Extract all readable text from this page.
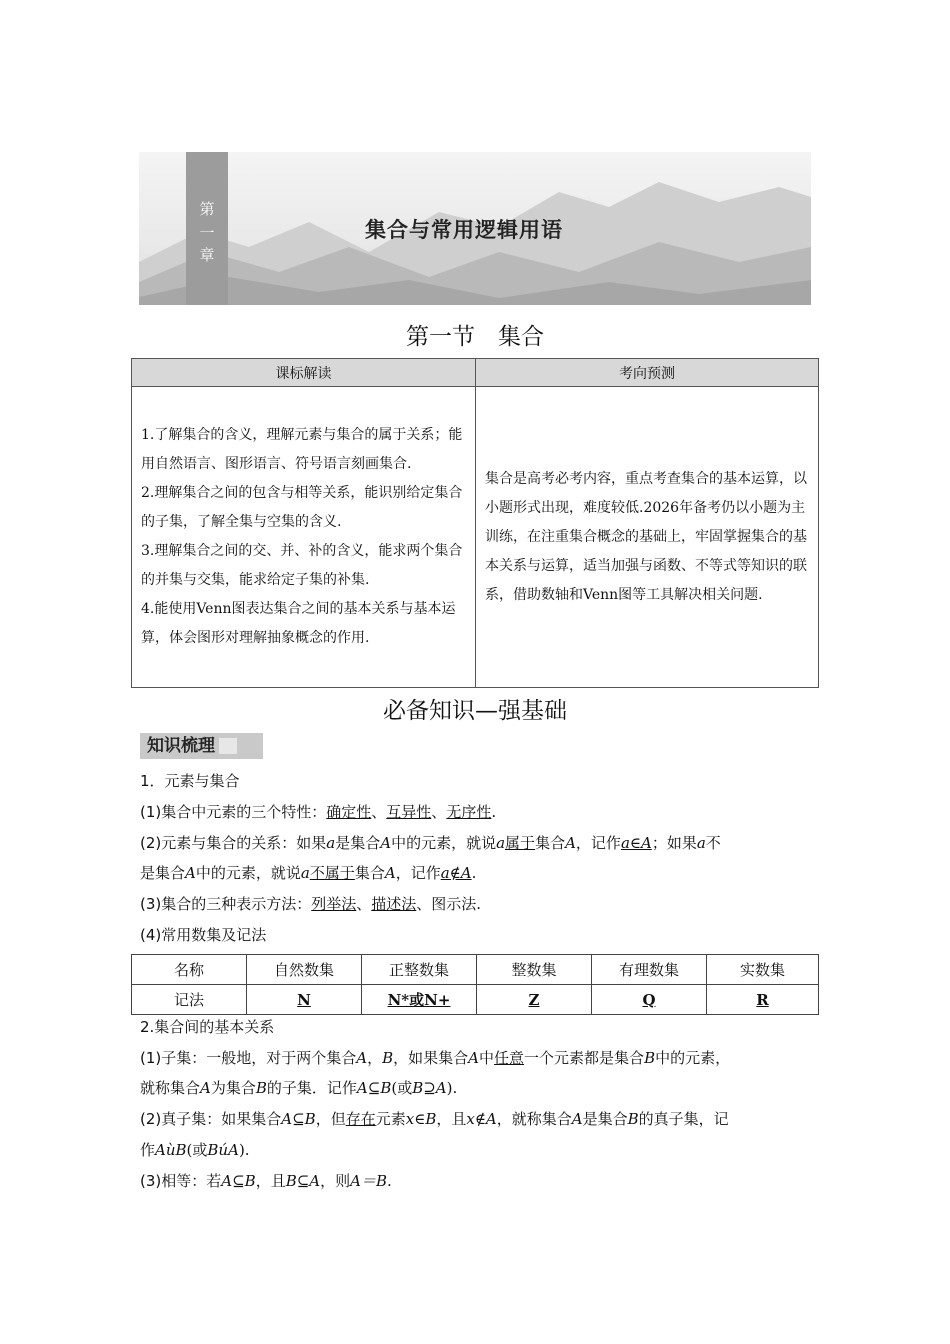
第
一
章
集合与常用逻辑用语
第一节　集合
课标解读	考向预测

1.了解集合的含义，理解元素与集合的属于关系；能用自然语言、图形语言、符号语言刻画集合.
2.理解集合之间的包含与相等关系，能识别给定集合的子集，了解全集与空集的含义.
3.理解集合之间的交、并、补的含义，能求两个集合的并集与交集，能求给定子集的补集.
4.能使用Venn图表达集合之间的基本关系与基本运算，体会图形对理解抽象概念的作用.	集合是高考必考内容，重点考查集合的基本运算，以小题形式出现，难度较低.2026年备考仍以小题为主训练，在注重集合概念的基础上，牢固掌握集合的基本关系与运算，适当加强与函数、不等式等知识的联系，借助数轴和Venn图等工具解决相关问题.
必备知识—强基础
知识梳理
1．元素与集合
(1)集合中元素的三个特性：确定性、互异性、无序性.
(2)元素与集合的关系：如果a是集合A中的元素，就说a属于集合A，记作a∈A；如果a不
是集合A中的元素，就说a不属于集合A，记作a∉A.
(3)集合的三种表示方法：列举法、描述法、图示法.
(4)常用数集及记法
名称	自然数集	正整数集	整数集	有理数集	实数集
记法	N	N*或N+	Z	Q	R
2.集合间的基本关系
(1)子集：一般地，对于两个集合A，B，如果集合A中任意一个元素都是集合B中的元素，
就称集合A为集合B的子集．记作A⊆B(或B⊇A).
(2)真子集：如果集合A⊆B，但存在元素x∈B，且x∉A，就称集合A是集合B的真子集，记
作AùB(或BúA).
(3)相等：若A⊆B，且B⊆A，则A＝B.
